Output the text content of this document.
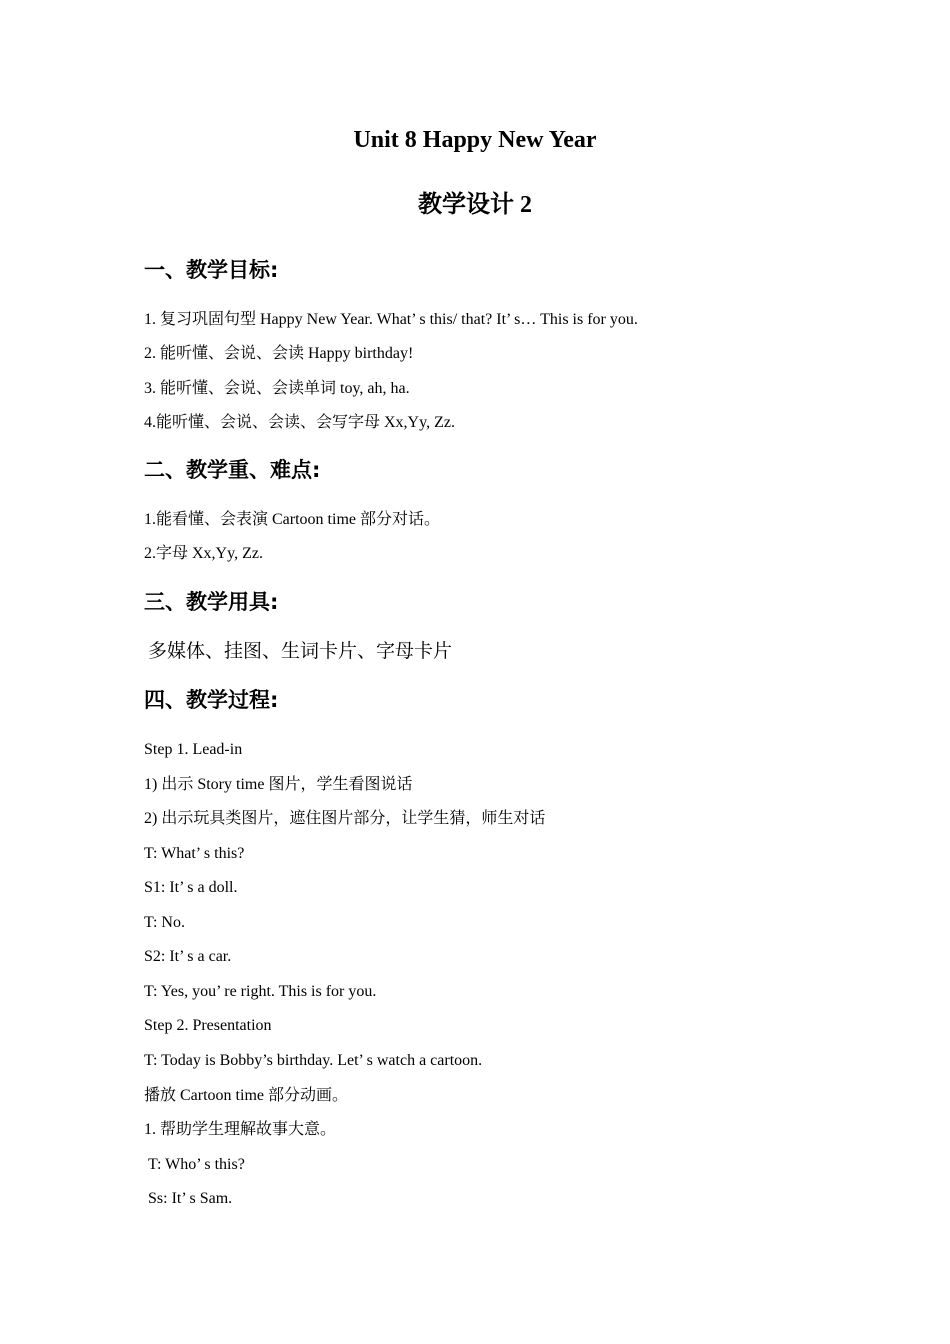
Unit 8 Happy New Year
教学设计 2
一、教学目标:

1. 复习巩固句型 Happy New Year. What’ s this/ that? It’ s… This is for you.

2. 能听懂、会说、会读 Happy birthday!

3. 能听懂、会说、会读单词 toy, ah, ha.

4.能听懂、会说、会读、会写字母 Xx,Yy, Zz.

二、教学重、难点:

1.能看懂、会表演 Cartoon time 部分对话。

2.字母 Xx,Yy, Zz.

三、教学用具:

多媒体、挂图、生词卡片、字母卡片

四、教学过程:

Step 1. Lead-in

1) 出示 Story time 图片，学生看图说话

2) 出示玩具类图片，遮住图片部分，让学生猜，师生对话

T: What’ s this?

S1: It’ s a doll.

T: No.

S2: It’ s a car.

T: Yes, you’ re right. This is for you.

Step 2. Presentation

T: Today is Bobby’s birthday. Let’ s watch a cartoon.

播放 Cartoon time 部分动画。

1. 帮助学生理解故事大意。

T: Who’ s this?

Ss: It’ s Sam.
